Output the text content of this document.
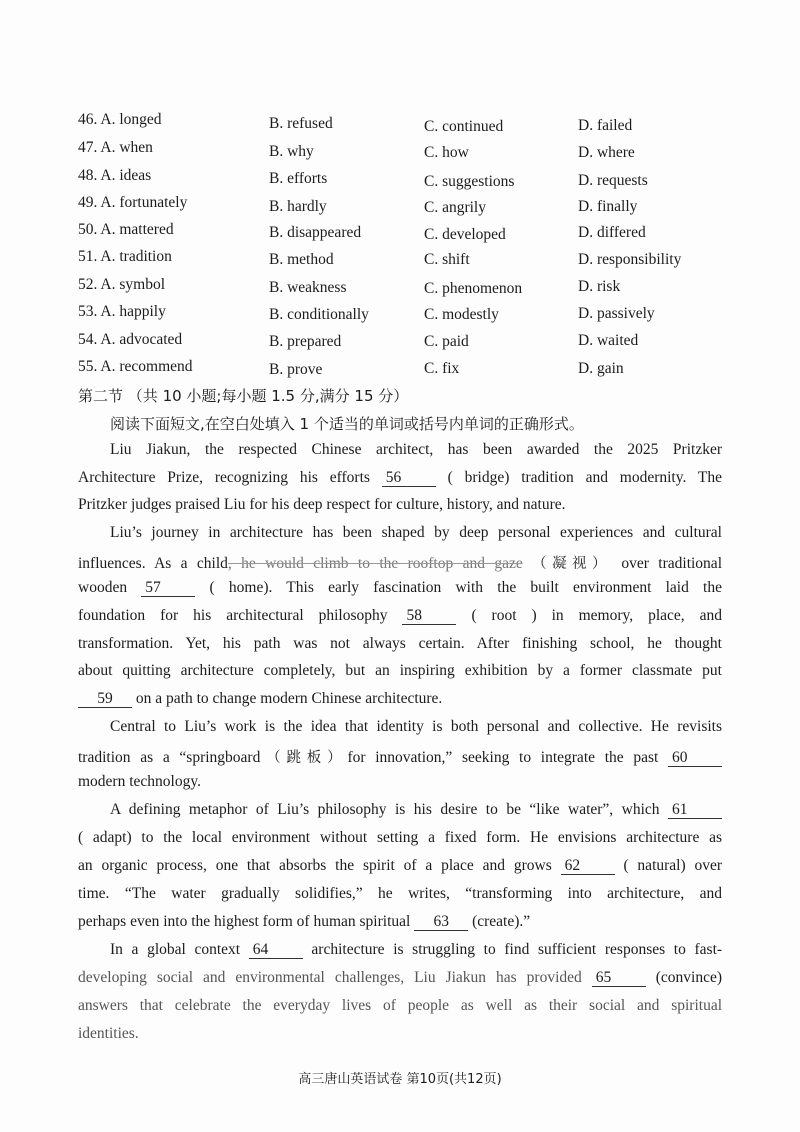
46. A. longed	B. refused	C. continued	D. failed
47. A. when	B. why	C. how	D. where
48. A. ideas	B. efforts	C. suggestions	D. requests
49. A. fortunately	B. hardly	C. angrily	D. finally
50. A. mattered	B. disappeared	C. developed	D. differed
51. A. tradition	B. method	C. shift	D. responsibility
52. A. symbol	B. weakness	C. phenomenon	D. risk
53. A. happily	B. conditionally	C. modestly	D. passively
54. A. advocated	B. prepared	C. paid	D. waited
55. A. recommend	B. prove	C. fix	D. gain
第二节 （共 10 小题;每小题 1.5 分,满分 15 分）
阅读下面短文,在空白处填入 1 个适当的单词或括号内单词的正确形式。
Liu Jiakun, the respected Chinese architect, has been awarded the 2025 Pritzker
Architecture Prize, recognizing his efforts 56	( bridge) tradition and modernity. The
Pritzker judges praised Liu for his deep respect for culture, history, and nature.
Liu’s journey in architecture has been shaped by deep personal experiences and cultural
influences. As a child, he would climb to the rooftop and gaze （凝视） over traditional
wooden 57	( home). This early fascination with the built environment laid the
foundation for his architectural philosophy 58	( root ) in memory, place, and
transformation. Yet, his path was not always certain. After finishing school, he thought
about quitting architecture completely, but an inspiring exhibition by a former classmate put
59 on a path to change modern Chinese architecture.
Central to Liu’s work is the idea that identity is both personal and collective. He revisits
tradition as a “springboard（跳板）for innovation,” seeking to integrate the past 60
modern technology.
A defining metaphor of Liu’s philosophy is his desire to be “like water”, which 61
( adapt) to the local environment without setting a fixed form. He envisions architecture as
an organic process, one that absorbs the spirit of a place and grows 62	( natural) over
time. “The water gradually solidifies,” he writes, “transforming into architecture, and
perhaps even into the highest form of human spiritual 63 (create).”
In a global context 64	architecture is struggling to find sufficient responses to fast-
developing social and environmental challenges, Liu Jiakun has provided 65	(convince)
answers that celebrate the everyday lives of people as well as their social and spiritual
identities.
高三唐山英语试卷 第10页(共12页)
